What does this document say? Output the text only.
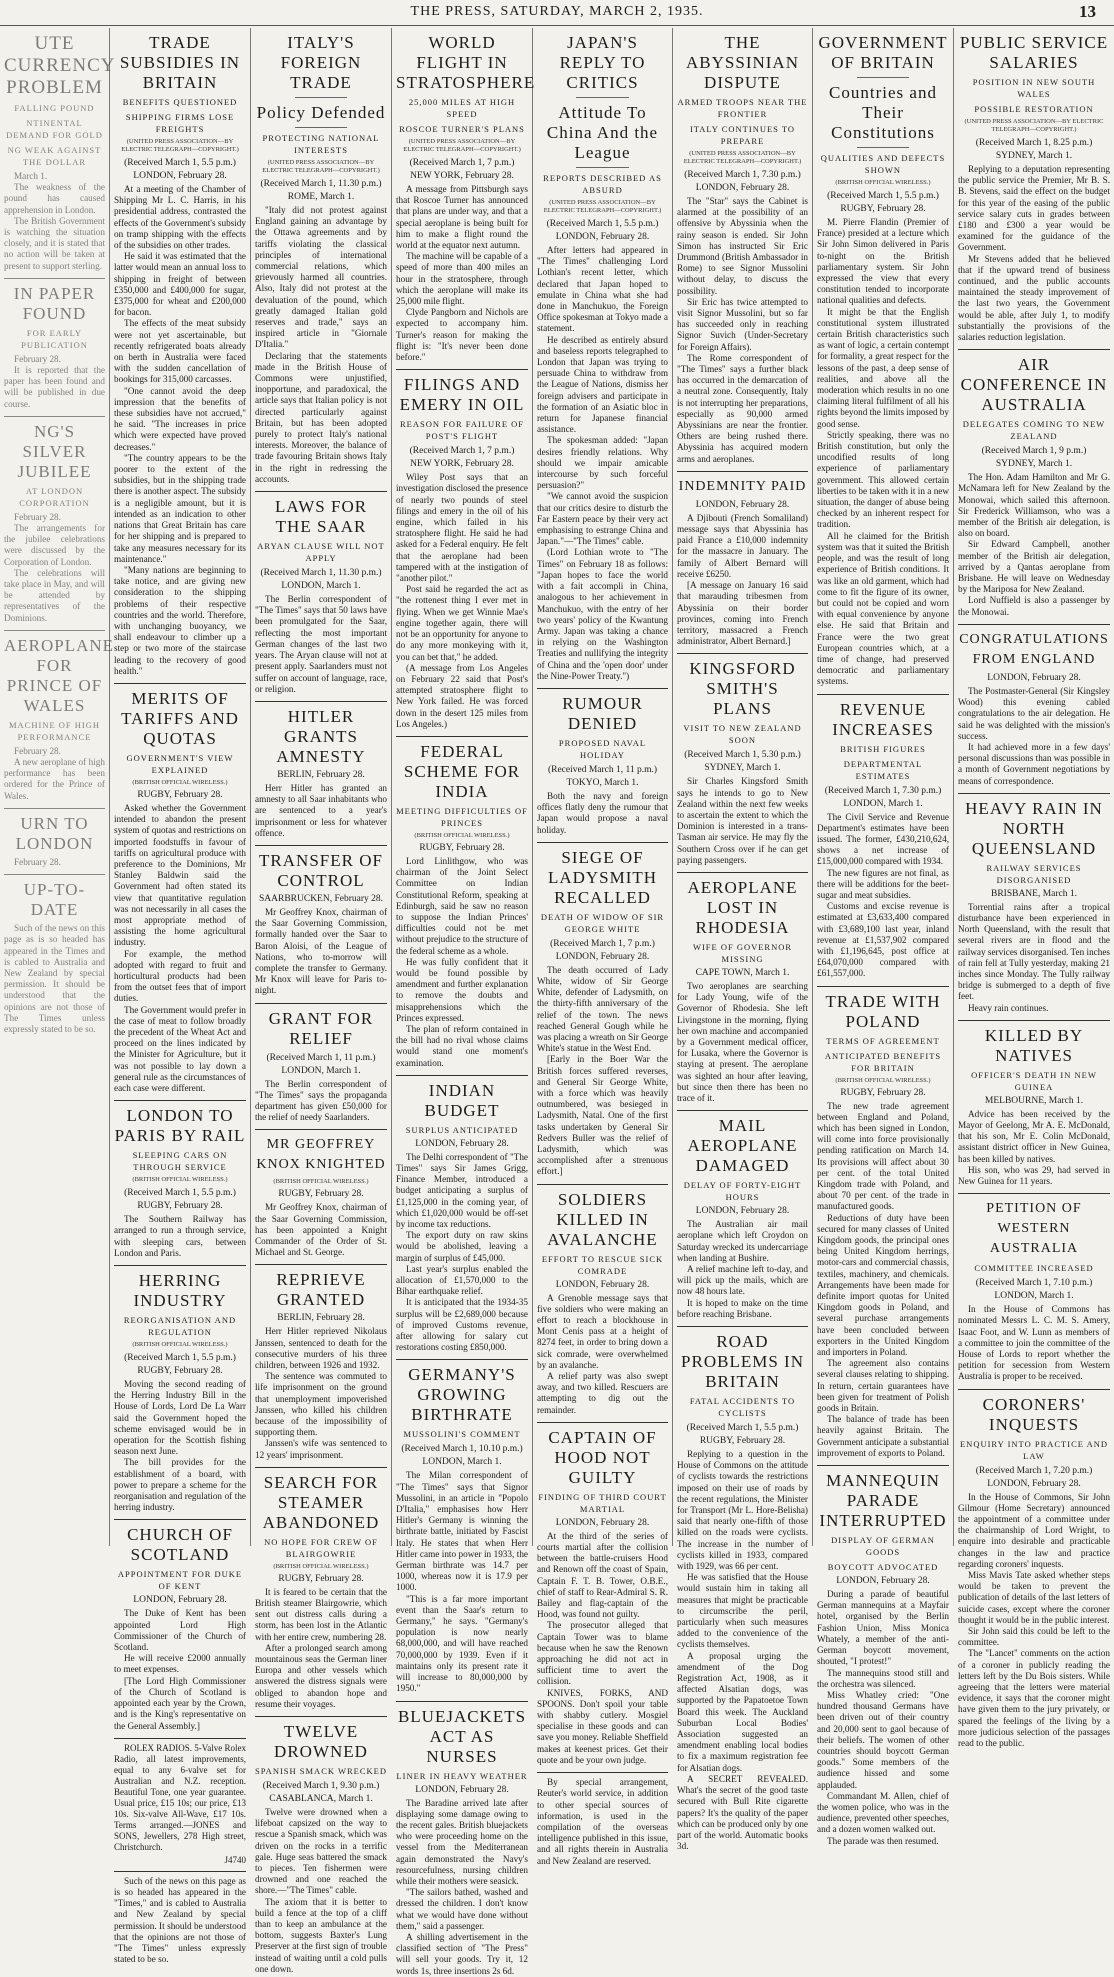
THE PRESS, SATURDAY, MARCH 2, 1935.	13
UTE CURRENCY PROBLEM
FALLING POUND
NTINENTAL DEMAND FOR GOLD
NG WEAK AGAINST THE DOLLAR

March 1.

The weakness of the pound has caused apprehension in London.

The British Government is watching the situation closely, and it is stated that no action will be taken at present to support sterling.

IN PAPER FOUND
FOR EARLY PUBLICATION

February 28.

It is reported that the paper has been found and will be published in due course.

NG'S SILVER JUBILEE
AT LONDON CORPORATION

February 28.

The arrangements for the jubilee celebrations were discussed by the Corporation of London.

The celebrations will take place in May, and will be attended by representatives of the Dominions.

AEROPLANE FOR PRINCE OF WALES
MACHINE OF HIGH PERFORMANCE

February 28.

A new aeroplane of high performance has been ordered for the Prince of Wales.

URN TO LONDON

February 28.

UP-TO-DATE

Such of the news on this page as is so headed has appeared in the Times and is cabled to Australia and New Zealand by special permission. It should be understood that the opinions are not those of The Times unless expressly stated to be so.

TRADE SUBSIDIES IN BRITAIN
BENEFITS QUESTIONED
SHIPPING FIRMS LOSE FREIGHTS
(UNITED PRESS ASSOCIATION—BY ELECTRIC TELEGRAPH—COPYRIGHT.)
(Received March 1, 5.5 p.m.)
LONDON, February 28.

At a meeting of the Chamber of Shipping Mr L. C. Harris, in his presidential address, contrasted the effects of the Government's subsidy on tramp shipping with the effects of the subsidies on other trades.

He said it was estimated that the latter would mean an annual loss to shipping in freight of between £350,000 and £400,000 for sugar, £375,000 for wheat and £200,000 for bacon.

The effects of the meat subsidy were not yet ascertainable, but recently refrigerated boats already on berth in Australia were faced with the sudden cancellation of bookings for 315,000 carcasses.

"One cannot avoid the deep impression that the benefits of these subsidies have not accrued," he said. "The increases in price which were expected have proved decreases."

"The country appears to be the poorer to the extent of the subsidies, but in the shipping trade there is another aspect. The subsidy is a negligible amount, but it is intended as an indication to other nations that Great Britain has care for her shipping and is prepared to take any measures necessary for its maintenance."

"Many nations are beginning to take notice, and are giving new consideration to the shipping problems of their respective countries and the world. Therefore, with unchanging buoyancy, we shall endeavour to climber up a step or two more of the staircase leading to the recovery of good health."

MERITS OF TARIFFS AND QUOTAS
GOVERNMENT'S VIEW EXPLAINED
(BRITISH OFFICIAL WIRELESS.)
RUGBY, February 28.

Asked whether the Government intended to abandon the present system of quotas and restrictions on imported foodstuffs in favour of tariffs on agricultural produce with preference to the Dominions, Mr Stanley Baldwin said the Government had often stated its view that quantitative regulation was not necessarily in all cases the most appropriate method of assisting the home agricultural industry.

For example, the method adopted with regard to fruit and horticultural products had been from the outset fees that of import duties.

The Government would prefer in the case of meat to follow broadly the precedent of the Wheat Act and proceed on the lines indicated by the Minister for Agriculture, but it was not possible to lay down a general rule as the circumstances of each case were different.

LONDON TO PARIS BY RAIL
SLEEPING CARS ON THROUGH SERVICE
(BRITISH OFFICIAL WIRELESS.)
(Received March 1, 5.5 p.m.)
RUGBY, February 28.

The Southern Railway has arranged to run a through service, with sleeping cars, between London and Paris.

HERRING INDUSTRY
REORGANISATION AND REGULATION
(BRITISH OFFICIAL WIRELESS.)
(Received March 1, 5.5 p.m.)
RUGBY, February 28.

Moving the second reading of the Herring Industry Bill in the House of Lords, Lord De La Warr said the Government hoped the scheme envisaged would be in operation for the Scottish fishing season next June.

The bill provides for the establishment of a board, with power to prepare a scheme for the reorganisation and regulation of the herring industry.

CHURCH OF SCOTLAND
APPOINTMENT FOR DUKE OF KENT
LONDON, February 28.

The Duke of Kent has been appointed Lord High Commissioner of the Church of Scotland.

He will receive £2000 annually to meet expenses.

[The Lord High Commissioner of the Church of Scotland is appointed each year by the Crown, and is the King's representative on the General Assembly.]

ROLEX RADIOS. 5-Valve Rolex Radio, all latest improvements, equal to any 6-valve set for Australian and N.Z. reception. Beautiful Tone, one year guarantee. Usual price, £15 10s; our price, £13 10s. Six-valve All-Wave, £17 10s. Terms arranged.—JONES and SONS, Jewellers, 278 High street, Christchurch.

J4740

Such of the news on this page as is so headed has appeared in the "Times," and is cabled to Australia and New Zealand by special permission. It should be understood that the opinions are not those of "The Times" unless expressly stated to be so.

ITALY'S FOREIGN TRADE
Policy Defended
PROTECTING NATIONAL INTERESTS
(UNITED PRESS ASSOCIATION—BY ELECTRIC TELEGRAPH—COPYRIGHT.)
(Received March 1, 11.30 p.m.)
ROME, March 1.

"Italy did not protest against England gaining an advantage by the Ottawa agreements and by tariffs violating the classical principles of international commercial relations, which grievously harmed all countries. Also, Italy did not protest at the devaluation of the pound, which greatly damaged Italian gold reserves and trade," says an inspired article in "Giornale D'Italia."

Declaring that the statements made in the British House of Commons were unjustified, inopportune, and paradoxical, the article says that Italian policy is not directed particularly against Britain, but has been adopted purely to protect Italy's national interests. Moreover, the balance of trade favouring Britain shows Italy in the right in redressing the accounts.

LAWS FOR THE SAAR
ARYAN CLAUSE WILL NOT APPLY
(Received March 1, 11.30 p.m.)
LONDON, March 1.

The Berlin correspondent of "The Times" says that 50 laws have been promulgated for the Saar, reflecting the most important German changes of the last two years. The Aryan clause will not at present apply. Saarlanders must not suffer on account of language, race, or religion.

HITLER GRANTS AMNESTY
BERLIN, February 28.

Herr Hitler has granted an amnesty to all Saar inhabitants who are sentenced to a year's imprisonment or less for whatever offence.

TRANSFER OF CONTROL
SAARBRUCKEN, February 28.

Mr Geoffrey Knox, chairman of the Saar Governing Commission, formally handed over the Saar to Baron Aloisi, of the League of Nations, who to-morrow will complete the transfer to Germany. Mr Knox will leave for Paris to-night.

GRANT FOR RELIEF
(Received March 1, 11 p.m.)
LONDON, March 1.

The Berlin correspondent of "The Times" says the propaganda department has given £50,000 for the relief of needy Saarlanders.

MR GEOFFREY KNOX KNIGHTED
(BRITISH OFFICIAL WIRELESS.)
RUGBY, February 28.

Mr Geoffrey Knox, chairman of the Saar Governing Commission, has been appointed a Knight Commander of the Order of St. Michael and St. George.

REPRIEVE GRANTED
BERLIN, February 28.

Herr Hitler reprieved Nikolaus Janssen, sentenced to death for the consecutive murders of his three children, between 1926 and 1932.

The sentence was commuted to life imprisonment on the ground that unemployment impoverished Janssen, who killed his children because of the impossibility of supporting them.

Janssen's wife was sentenced to 12 years' imprisonment.

SEARCH FOR STEAMER ABANDONED
NO HOPE FOR CREW OF BLAIRGOWRIE
(BRITISH OFFICIAL WIRELESS.)
RUGBY, February 28.

It is feared to be certain that the British steamer Blairgowrie, which sent out distress calls during a storm, has been lost in the Atlantic with her entire crew, numbering 28.

After a prolonged search among mountainous seas the German liner Europa and other vessels which answered the distress signals were obliged to abandon hope and resume their voyages.

TWELVE DROWNED
SPANISH SMACK WRECKED
(Received March 1, 9.30 p.m.)
CASABLANCA, March 1.

Twelve were drowned when a lifeboat capsized on the way to rescue a Spanish smack, which was driven on the rocks in a terrific gale. Huge seas battered the smack to pieces. Ten fishermen were drowned and one reached the shore.—"The Times" cable.

The axiom that it is better to build a fence at the top of a cliff than to keep an ambulance at the bottom, suggests Baxter's Lung Preserver at the first sign of trouble instead of waiting until a cold pulls one down.

WORLD FLIGHT IN STRATOSPHERE
25,000 MILES AT HIGH SPEED
ROSCOE TURNER'S PLANS
(UNITED PRESS ASSOCIATION—BY ELECTRIC TELEGRAPH—COPYRIGHT.)
(Received March 1, 7 p.m.)
NEW YORK, February 28.

A message from Pittsburgh says that Roscoe Turner has announced that plans are under way, and that a special aeroplane is being built for him to make a flight round the world at the equator next autumn.

The machine will be capable of a speed of more than 400 miles an hour in the stratosphere, through which the aeroplane will make its 25,000 mile flight.

Clyde Pangborn and Nichols are expected to accompany him. Turner's reason for making the flight is: "It's never been done before."

FILINGS AND EMERY IN OIL
REASON FOR FAILURE OF POST'S FLIGHT
(Received March 1, 7 p.m.)
NEW YORK, February 28.

Wiley Post says that an investigation disclosed the presence of nearly two pounds of steel filings and emery in the oil of his engine, which failed in his stratosphere flight. He said he had asked for a Federal enquiry. He felt that the aeroplane had been tampered with at the instigation of "another pilot."

Post said he regarded the act as "the rottenest thing I ever met in flying. When we get Winnie Mae's engine together again, there will not be an opportunity for anyone to do any more monkeying with it, you can bet that," he added.

(A message from Los Angeles on February 22 said that Post's attempted stratosphere flight to New York failed. He was forced down in the desert 125 miles from Los Angeles.)

FEDERAL SCHEME FOR INDIA
MEETING DIFFICULTIES OF PRINCES
(BRITISH OFFICIAL WIRELESS.)
RUGBY, February 28.

Lord Linlithgow, who was chairman of the Joint Select Committee on Indian Constitutional Reform, speaking at Edinburgh, said he saw no reason to suppose the Indian Princes' difficulties could not be met without prejudice to the structure of the federal scheme as a whole.

He was fully confident that it would be found possible by amendment and further explanation to remove the doubts and misapprehensions which the Princes expressed.

The plan of reform contained in the bill had no rival whose claims would stand one moment's examination.

INDIAN BUDGET
SURPLUS ANTICIPATED
LONDON, February 28.

The Delhi correspondent of "The Times" says Sir James Grigg, Finance Member, introduced a budget anticipating a surplus of £1,125,000 in the coming year, of which £1,020,000 would be off-set by income tax reductions.

The export duty on raw skins would be abolished, leaving a margin of surplus of £45,000.

Last year's surplus enabled the allocation of £1,570,000 to the Bihar earthquake relief.

It is anticipated that the 1934-35 surplus will be £2,689,000 because of improved Customs revenue, after allowing for salary cut restorations costing £850,000.

GERMANY'S GROWING BIRTHRATE
MUSSOLINI'S COMMENT
(Received March 1, 10.10 p.m.)
LONDON, March 1.

The Milan correspondent of "The Times" says that Signor Mussolini, in an article in "Popolo D'Italia," emphasises how Herr Hitler's Germany is winning the birthrate battle, initiated by Fascist Italy. He states that when Herr Hitler came into power in 1933, the German birthrate was 14.7 per 1000, whereas now it is 17.9 per 1000.

"This is a far more important event than the Saar's return to Germany," he says. "Germany's population is now nearly 68,000,000, and will have reached 70,000,000 by 1939. Even if it maintains only its present rate it will increase to 80,000,000 by 1950."

BLUEJACKETS ACT AS NURSES
LINER IN HEAVY WEATHER
LONDON, February 28.

The Baradine arrived late after displaying some damage owing to the recent gales. British bluejackets who were proceeding home on the vessel from the Mediterranean again demonstrated the Navy's resourcefulness, nursing children while their mothers were seasick.

"The sailors bathed, washed and dressed the children. I don't know what we would have done without them," said a passenger.

A shilling advertisement in the classified section of "The Press" will sell your goods. Try it, 12 words 1s, three insertions 2s 6d.

JAPAN'S REPLY TO CRITICS
Attitude To China And the League
REPORTS DESCRIBED AS ABSURD
(UNITED PRESS ASSOCIATION—BY ELECTRIC TELEGRAPH—COPYRIGHT.)
(Received March 1, 5.5 p.m.)
LONDON, February 28.

After letters had appeared in "The Times" challenging Lord Lothian's recent letter, which declared that Japan hoped to emulate in China what she had done in Manchukuo, the Foreign Office spokesman at Tokyo made a statement.

He described as entirely absurd and baseless reports telegraphed to London that Japan was trying to persuade China to withdraw from the League of Nations, dismiss her foreign advisers and participate in the formation of an Asiatic bloc in return for Japanese financial assistance.

The spokesman added: "Japan desires friendly relations. Why should we impair amicable intercourse by such forceful persuasion?"

"We cannot avoid the suspicion that our critics desire to disturb the Far Eastern peace by their very act emphasising to estrange China and Japan."—"The Times" cable.

(Lord Lothian wrote to "The Times" on February 18 as follows: "Japan hopes to face the world with a fait accompli in China, analogous to her achievement in Manchukuo, with the entry of her two years' policy of the Kwantung Army. Japan was taking a chance in relying on the Washington Treaties and nullifying the integrity of China and the 'open door' under the Nine-Power Treaty.")

RUMOUR DENIED
PROPOSED NAVAL HOLIDAY
(Received March 1, 11 p.m.)
TOKYO, March 1.

Both the navy and foreign offices flatly deny the rumour that Japan would propose a naval holiday.

SIEGE OF LADYSMITH RECALLED
DEATH OF WIDOW OF SIR GEORGE WHITE
(Received March 1, 7 p.m.)
LONDON, February 28.

The death occurred of Lady White, widow of Sir George White, defender of Ladysmith, on the thirty-fifth anniversary of the relief of the town. The news reached General Gough while he was placing a wreath on Sir George White's statue in the West End.

[Early in the Boer War the British forces suffered reverses, and General Sir George White, with a force which was heavily outnumbered, was besieged in Ladysmith, Natal. One of the first tasks undertaken by General Sir Redvers Buller was the relief of Ladysmith, which was accomplished after a strenuous effort.]

SOLDIERS KILLED IN AVALANCHE
EFFORT TO RESCUE SICK COMRADE
LONDON, February 28.

A Grenoble message says that five soldiers who were making an effort to reach a blockhouse in Mont Cenis pass at a height of 8274 feet, in order to bring down a sick comrade, were overwhelmed by an avalanche.

A relief party was also swept away, and two killed. Rescuers are attempting to dig out the remainder.

CAPTAIN OF HOOD NOT GUILTY
FINDING OF THIRD COURT MARTIAL
LONDON, February 28.

At the third of the series of courts martial after the collision between the battle-cruisers Hood and Renown off the coast of Spain, Captain F. T. B. Tower, O.B.E., chief of staff to Rear-Admiral S. R. Bailey and flag-captain of the Hood, was found not guilty.

The prosecutor alleged that Captain Tower was to blame because when he saw the Renown approaching he did not act in sufficient time to avert the collision.

KNIVES, FORKS, AND SPOONS. Don't spoil your table with shabby cutlery. Mosgiel specialise in these goods and can save you money. Reliable Sheffield makes at keenest prices. Get their quote and be your own judge.

By special arrangement, Reuter's world service, in addition to other special sources of information, is used in the compilation of the overseas intelligence published in this issue, and all rights therein in Australia and New Zealand are reserved.

THE ABYSSINIAN DISPUTE
ARMED TROOPS NEAR THE FRONTIER
ITALY CONTINUES TO PREPARE
(UNITED PRESS ASSOCIATION—BY ELECTRIC TELEGRAPH—COPYRIGHT.)
(Received March 1, 7.30 p.m.)
LONDON, February 28.

The "Star" says the Cabinet is alarmed at the possibility of an offensive by Abyssinia when the rainy season is ended. Sir John Simon has instructed Sir Eric Drummond (British Ambassador in Rome) to see Signor Mussolini without delay, to discuss the possibility.

Sir Eric has twice attempted to visit Signor Mussolini, but so far has succeeded only in reaching Signor Suvich (Under-Secretary for Foreign Affairs).

The Rome correspondent of "The Times" says a further black has occurred in the demarcation of a neutral zone. Consequently, Italy is not interrupting her preparations, especially as 90,000 armed Abyssinians are near the frontier. Others are being rushed there. Abyssinia has acquired modern arms and aeroplanes.

INDEMNITY PAID
LONDON, February 28.

A Djibouti (French Somaliland) message says that Abyssinia has paid France a £10,000 indemnity for the massacre in January. The family of Albert Bernard will receive £6250.

[A message on January 16 said that marauding tribesmen from Abyssinia on their border provinces, coming into French territory, massacred a French administrator, Albert Bernard.]

KINGSFORD SMITH'S PLANS
VISIT TO NEW ZEALAND SOON
(Received March 1, 5.30 p.m.)
SYDNEY, March 1.

Sir Charles Kingsford Smith says he intends to go to New Zealand within the next few weeks to ascertain the extent to which the Dominion is interested in a trans-Tasman air service. He may fly the Southern Cross over if he can get paying passengers.

AEROPLANE LOST IN RHODESIA
WIFE OF GOVERNOR MISSING
CAPE TOWN, March 1.

Two aeroplanes are searching for Lady Young, wife of the Governor of Rhodesia. She left Livingstone in the morning, flying her own machine and accompanied by a Government medical officer, for Lusaka, where the Governor is staying at present. The aeroplane was sighted an hour after leaving, but since then there has been no trace of it.

MAIL AEROPLANE DAMAGED
DELAY OF FORTY-EIGHT HOURS
LONDON, February 28.

The Australian air mail aeroplane which left Croydon on Saturday wrecked its undercarriage when landing at Bushire.

A relief machine left to-day, and will pick up the mails, which are now 48 hours late.

It is hoped to make on the time before reaching Brisbane.

ROAD PROBLEMS IN BRITAIN
FATAL ACCIDENTS TO CYCLISTS
(Received March 1, 5.5 p.m.)
RUGBY, February 28.

Replying to a question in the House of Commons on the attitude of cyclists towards the restrictions imposed on their use of roads by the recent regulations, the Minister for Transport (Mr L. Hore-Belisha) said that nearly one-fifth of those killed on the roads were cyclists. The increase in the number of cyclists killed in 1933, compared with 1929, was 66 per cent.

He was satisfied that the House would sustain him in taking all measures that might be practicable to circumscribe the peril, particularly when such measures added to the convenience of the cyclists themselves.

A proposal urging the amendment of the Dog Registration Act, 1908, as it affected Alsatian dogs, was supported by the Papatoetoe Town Board this week. The Auckland Suburban Local Bodies' Association suggested an amendment enabling local bodies to fix a maximum registration fee for Alsatian dogs.

A SECRET REVEALED. What's the secret of the good taste secured with Bull Rite cigarette papers? It's the quality of the paper which can be produced only by one part of the world. Automatic books 3d.

GOVERNMENT OF BRITAIN
Countries and Their Constitutions
QUALITIES AND DEFECTS SHOWN
(BRITISH OFFICIAL WIRELESS.)
(Received March 1, 5.5 p.m.)
RUGBY, February 28.

M. Pierre Flandin (Premier of France) presided at a lecture which Sir John Simon delivered in Paris to-night on the British parliamentary system. Sir John expressed the view that every constitution tended to incorporate national qualities and defects.

It might be that the English constitutional system illustrated certain British characteristics such as want of logic, a certain contempt for formality, a great respect for the lessons of the past, a deep sense of realities, and above all the moderation which results in no one claiming literal fulfilment of all his rights beyond the limits imposed by good sense.

Strictly speaking, there was no British constitution, but only the uncodified results of long experience of parliamentary government. This allowed certain liberties to be taken with it in a new situation, the danger of abuse being checked by an inherent respect for tradition.

All he claimed for the British system was that it suited the British people, and was the result of long experience of British conditions. It was like an old garment, which had come to fit the figure of its owner, but could not be copied and worn with equal convenience by anyone else. He said that Britain and France were the two great European countries which, at a time of change, had preserved democratic and parliamentary systems.

REVENUE INCREASES
BRITISH FIGURES
DEPARTMENTAL ESTIMATES
(Received March 1, 7.30 p.m.)
LONDON, March 1.

The Civil Service and Revenue Department's estimates have been issued. The former, £430,210,624, shows a net increase of £15,000,000 compared with 1934.

The new figures are not final, as there will be additions for the beet-sugar and meat subsidies.

Customs and excise revenue is estimated at £3,633,400 compared with £3,689,100 last year, inland revenue at £1,537,902 compared with £1,196,645, post office at £64,070,000 compared with £61,557,000.

TRADE WITH POLAND
TERMS OF AGREEMENT
ANTICIPATED BENEFITS FOR BRITAIN
(BRITISH OFFICIAL WIRELESS.)
RUGBY, February 28.

The new trade agreement between England and Poland, which has been signed in London, will come into force provisionally pending ratification on March 14. Its provisions will affect about 30 per cent. of the total United Kingdom trade with Poland, and about 70 per cent. of the trade in manufactured goods.

Reductions of duty have been secured for many classes of United Kingdom goods, the principal ones being United Kingdom herrings, motor-cars and commercial chassis, textiles, machinery, and chemicals. Arrangements have been made for definite import quotas for United Kingdom goods in Poland, and several purchase arrangements have been concluded between exporters in the United Kingdom and importers in Poland.

The agreement also contains several clauses relating to shipping. In return, certain guarantees have been given for treatment of Polish goods in Britain.

The balance of trade has been heavily against Britain. The Government anticipate a substantial improvement of exports to Poland.

MANNEQUIN PARADE INTERRUPTED
DISPLAY OF GERMAN GOODS
BOYCOTT ADVOCATED
LONDON, February 28.

During a parade of beautiful German mannequins at a Mayfair hotel, organised by the Berlin Fashion Union, Miss Monica Whately, a member of the anti-German boycott movement, shouted, "I protest!"

The mannequins stood still and the orchestra was silenced.

Miss Whatley cried: "One hundred thousand Germans have been driven out of their country and 20,000 sent to gaol because of their beliefs. The women of other countries should boycott German goods." Some members of the audience hissed and some applauded.

Commandant M. Allen, chief of the women police, who was in the audience, prevented other speeches, and a dozen women walked out.

The parade was then resumed.

PUBLIC SERVICE SALARIES
POSITION IN NEW SOUTH WALES
POSSIBLE RESTORATION
(UNITED PRESS ASSOCIATION—BY ELECTRIC TELEGRAPH—COPYRIGHT.)
(Received March 1, 8.25 p.m.)
SYDNEY, March 1.

Replying to a deputation representing the public service the Premier, Mr B. S. B. Stevens, said the effect on the budget for this year of the easing of the public service salary cuts in grades between £180 and £300 a year would be examined for the guidance of the Government.

Mr Stevens added that he believed that if the upward trend of business continued, and the public accounts maintained the steady improvement of the last two years, the Government would be able, after July 1, to modify substantially the provisions of the salaries reduction legislation.

AIR CONFERENCE IN AUSTRALIA
DELEGATES COMING TO NEW ZEALAND
(Received March 1, 9 p.m.)
SYDNEY, March 1.

The Hon. Adam Hamilton and Mr G. McNamara left for New Zealand by the Monowai, which sailed this afternoon. Sir Frederick Williamson, who was a member of the British air delegation, is also on board.

Sir Edward Campbell, another member of the British air delegation, arrived by a Qantas aeroplane from Brisbane. He will leave on Wednesday by the Mariposa for New Zealand.

Lord Nuffield is also a passenger by the Monowai.

CONGRATULATIONS FROM ENGLAND
LONDON, February 28.

The Postmaster-General (Sir Kingsley Wood) this evening cabled congratulations to the air delegation. He said he was delighted with the mission's success.

It had achieved more in a few days' personal discussions than was possible in a month of Government negotiations by means of correspondence.

HEAVY RAIN IN NORTH QUEENSLAND
RAILWAY SERVICES DISORGANISED
BRISBANE, March 1.

Torrential rains after a tropical disturbance have been experienced in North Queensland, with the result that several rivers are in flood and the railway services disorganised. Ten inches of rain fell at Tully yesterday, making 21 inches since Monday. The Tully railway bridge is submerged to a depth of five feet.

Heavy rain continues.

KILLED BY NATIVES
OFFICER'S DEATH IN NEW GUINEA
MELBOURNE, March 1.

Advice has been received by the Mayor of Geelong, Mr A. E. McDonald, that his son, Mr E. Colin McDonald, assistant district officer in New Guinea, has been killed by natives.

His son, who was 29, had served in New Guinea for 11 years.

PETITION OF WESTERN AUSTRALIA
COMMITTEE INCREASED
(Received March 1, 7.10 p.m.)
LONDON, March 1.

In the House of Commons has nominated Messrs L. C. M. S. Amery, Isaac Foot, and W. Lunn as members of a committee to join the committee of the House of Lords to report whether the petition for secession from Western Australia is proper to be received.

CORONERS' INQUESTS
ENQUIRY INTO PRACTICE AND LAW
(Received March 1, 7.20 p.m.)
LONDON, February 28.

In the House of Commons, Sir John Gilmour (Home Secretary) announced the appointment of a committee under the chairmanship of Lord Wright, to enquire into desirable and practicable changes in the law and practice regarding coroners' inquests.

Miss Mavis Tate asked whether steps would be taken to prevent the publication of details of the last letters of suicide cases, except where the coroner thought it would be in the public interest.

Sir John said this could be left to the committee.

The "Lancet" comments on the action of a coroner in publicly reading the letters left by the Du Bois sisters. While agreeing that the letters were material evidence, it says that the coroner might have given them to the jury privately, or spared the feelings of the living by a more judicious selection of the passages read to the public.
